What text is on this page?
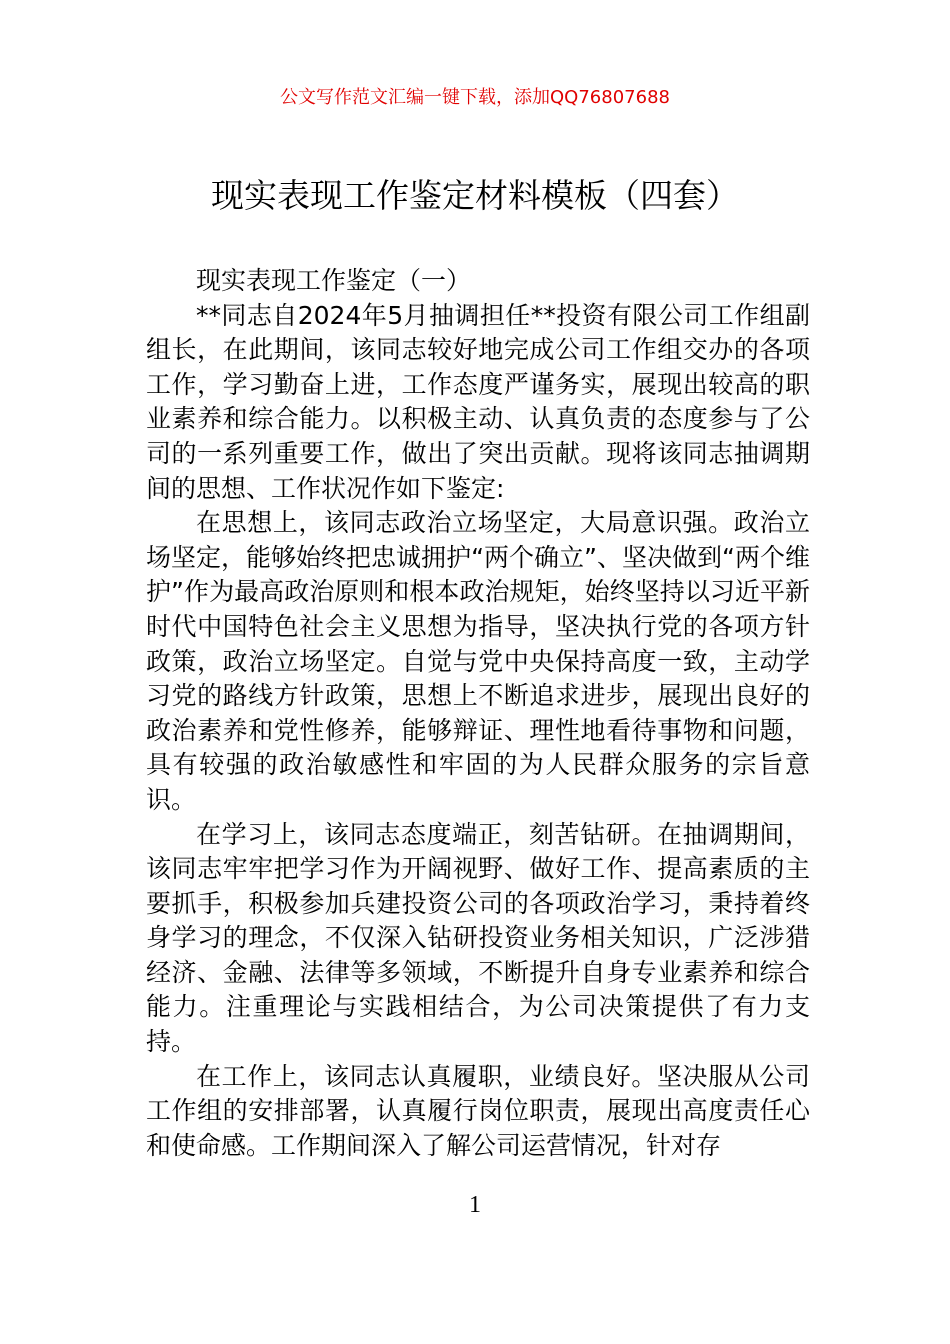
公文写作范文汇编一键下载，添加QQ76807688
现实表现工作鉴定材料模板（四套）

现实表现工作鉴定（一）

**同志自2024年5月抽调担任**投资有限公司工作组副组长，在此期间，该同志较好地完成公司工作组交办的各项工作，学习勤奋上进，工作态度严谨务实，展现出较高的职业素养和综合能力。以积极主动、认真负责的态度参与了公司的一系列重要工作，做出了突出贡献。现将该同志抽调期间的思想、工作状况作如下鉴定:

在思想上，该同志政治立场坚定，大局意识强。政治立场坚定，能够始终把忠诚拥护“两个确立”、坚决做到“两个维护”作为最高政治原则和根本政治规矩，始终坚持以习近平新时代中国特色社会主义思想为指导，坚决执行党的各项方针政策，政治立场坚定。自觉与党中央保持高度一致，主动学习党的路线方针政策，思想上不断追求进步，展现出良好的政治素养和党性修养，能够辩证、理性地看待事物和问题，具有较强的政治敏感性和牢固的为人民群众服务的宗旨意识。

在学习上，该同志态度端正，刻苦钻研。在抽调期间，该同志牢牢把学习作为开阔视野、做好工作、提高素质的主要抓手，积极参加兵建投资公司的各项政治学习，秉持着终身学习的理念，不仅深入钻研投资业务相关知识，广泛涉猎经济、金融、法律等多领域，不断提升自身专业素养和综合能力。注重理论与实践相结合，为公司决策提供了有力支持。

在工作上，该同志认真履职，业绩良好。坚决服从公司工作组的安排部署，认真履行岗位职责，展现出高度责任心和使命感。工作期间深入了解公司运营情况，针对存

1
